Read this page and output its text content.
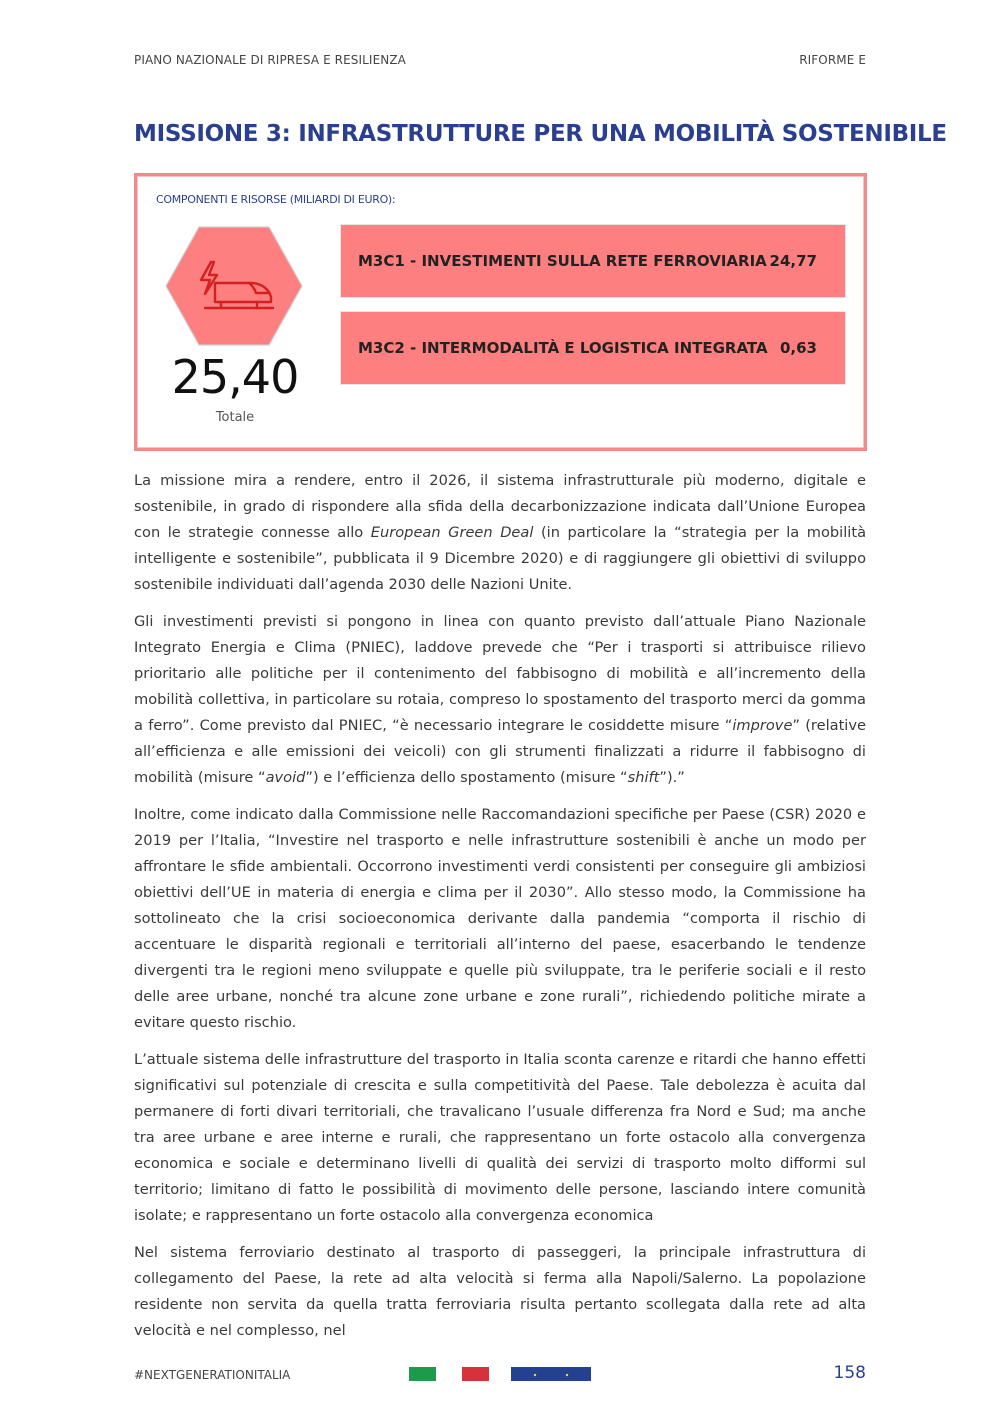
PIANO NAZIONALE DI RIPRESA E RESILIENZA	RIFORME E
MISSIONE 3: INFRASTRUTTURE PER UNA MOBILITÀ SOSTENIBILE
COMPONENTI E RISORSE (MILIARDI DI EURO):
25,40
Totale
M3C1 - INVESTIMENTI SULLA RETE FERROVIARIA 24,77
M3C2 - INTERMODALITÀ E LOGISTICA INTEGRATA 0,63

La missione mira a rendere, entro il 2026, il sistema infrastrutturale più moderno, digitale e sostenibile, in grado di rispondere alla sfida della decarbonizzazione indicata dall’Unione Europea con le strategie connesse allo European Green Deal (in particolare la “strategia per la mobilità intelligente e sostenibile”, pubblicata il 9 Dicembre 2020) e di raggiungere gli obiettivi di sviluppo sostenibile individuati dall’agenda 2030 delle Nazioni Unite.

Gli investimenti previsti si pongono in linea con quanto previsto dall’attuale Piano Nazionale Integrato Energia e Clima (PNIEC), laddove prevede che “Per i trasporti si attribuisce rilievo prioritario alle politiche per il contenimento del fabbisogno di mobilità e all’incremento della mobilità collettiva, in particolare su rotaia, compreso lo spostamento del trasporto merci da gomma a ferro”. Come previsto dal PNIEC, “è necessario integrare le cosiddette misure “improve” (relative all’efficienza e alle emissioni dei veicoli) con gli strumenti finalizzati a ridurre il fabbisogno di mobilità (misure “avoid”) e l’efficienza dello spostamento (misure “shift”).”

Inoltre, come indicato dalla Commissione nelle Raccomandazioni specifiche per Paese (CSR) 2020 e 2019 per l’Italia, “Investire nel trasporto e nelle infrastrutture sostenibili è anche un modo per affrontare le sfide ambientali. Occorrono investimenti verdi consistenti per conseguire gli ambiziosi obiettivi dell’UE in materia di energia e clima per il 2030”. Allo stesso modo, la Commissione ha sottolineato che la crisi socioeconomica derivante dalla pandemia “comporta il rischio di accentuare le disparità regionali e territoriali all’interno del paese, esacerbando le tendenze divergenti tra le regioni meno sviluppate e quelle più sviluppate, tra le periferie sociali e il resto delle aree urbane, nonché tra alcune zone urbane e zone rurali”, richiedendo politiche mirate a evitare questo rischio.

L’attuale sistema delle infrastrutture del trasporto in Italia sconta carenze e ritardi che hanno effetti significativi sul potenziale di crescita e sulla competitività del Paese. Tale debolezza è acuita dal permanere di forti divari territoriali, che travalicano l’usuale differenza fra Nord e Sud; ma anche tra aree urbane e aree interne e rurali, che rappresentano un forte ostacolo alla convergenza economica e sociale e determinano livelli di qualità dei servizi di trasporto molto difformi sul territorio; limitano di fatto le possibilità di movimento delle persone, lasciando intere comunità isolate; e rappresentano un forte ostacolo alla convergenza economica

Nel sistema ferroviario destinato al trasporto di passeggeri, la principale infrastruttura di collegamento del Paese, la rete ad alta velocità si ferma alla Napoli/Salerno. La popolazione residente non servita da quella tratta ferroviaria risulta pertanto scollegata dalla rete ad alta velocità e nel complesso, nel

#NEXTGENERATIONITALIA	158
